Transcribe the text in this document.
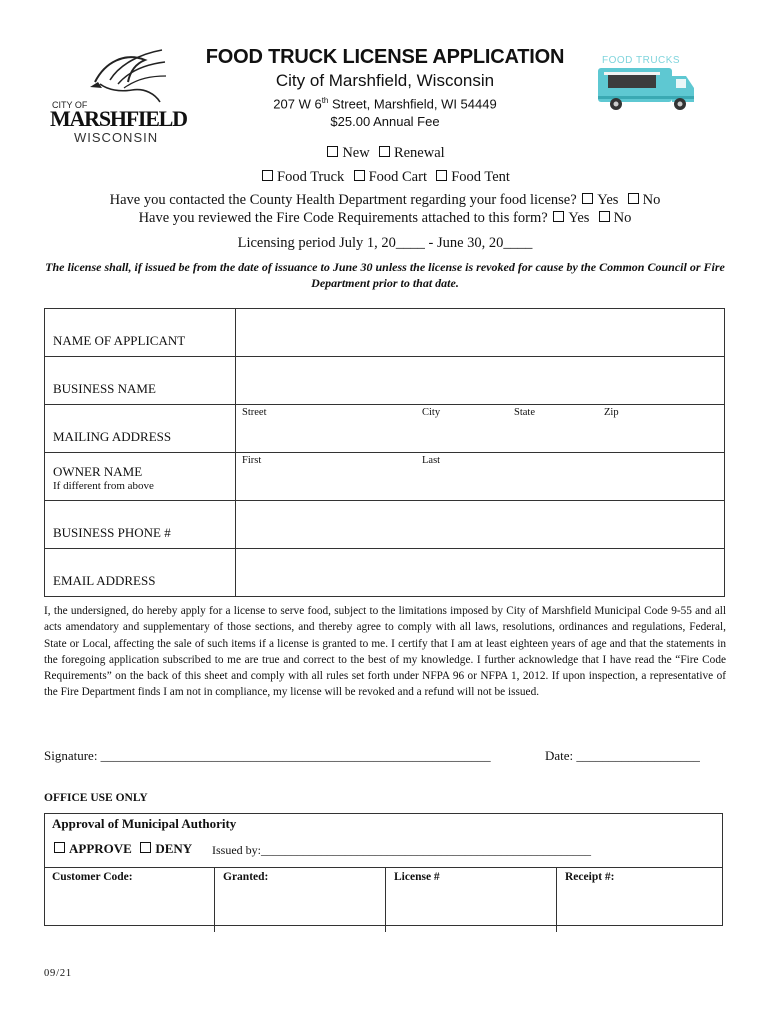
CITY OF
MARSHFIELD
WISCONSIN
FOOD TRUCKS
FOOD TRUCK LICENSE APPLICATION
City of Marshfield, Wisconsin
207 W 6th Street, Marshfield, WI 54449
$25.00 Annual Fee
New Renewal
Food Truck Food Cart Food Tent
Have you contacted the County Health Department regarding your food license? Yes No
Have you reviewed the Fire Code Requirements attached to this form? Yes No
Licensing period July 1, 20____ - June 30, 20____
The license shall, if issued be from the date of issuance to June 30 unless the license is revoked for cause by the Common Council or Fire Department prior to that date.
NAME OF APPLICANT	

BUSINESS NAME	

MAILING ADDRESS	Street City State Zip

OWNER NAME
If different from above	First Last

BUSINESS PHONE #	

EMAIL ADDRESS	

I, the undersigned, do hereby apply for a license to serve food, subject to the limitations imposed by City of Marshfield Municipal Code 9-55 and all acts amendatory and supplementary of those sections, and thereby agree to comply with all laws, resolutions, ordinances and regulations, Federal, State or Local, affecting the sale of such items if a license is granted to me. I certify that I am at least eighteen years of age and that the statements in the foregoing application subscribed to me are true and correct to the best of my knowledge. I further acknowledge that I have read the “Fire Code Requirements” on the back of this sheet and comply with all rules set forth under NFPA 96 or NFPA 1, 2012. If upon inspection, a representative of the Fire Department finds I am not in compliance, my license will be revoked and a refund will not be issued.
Signature: ____________________________________________________________	Date: ___________________
OFFICE USE ONLY
Approval of Municipal Authority
APPROVE DENY Issued by:_______________________________________________________
Customer Code:	Granted:	License #	Receipt #:
09/21
